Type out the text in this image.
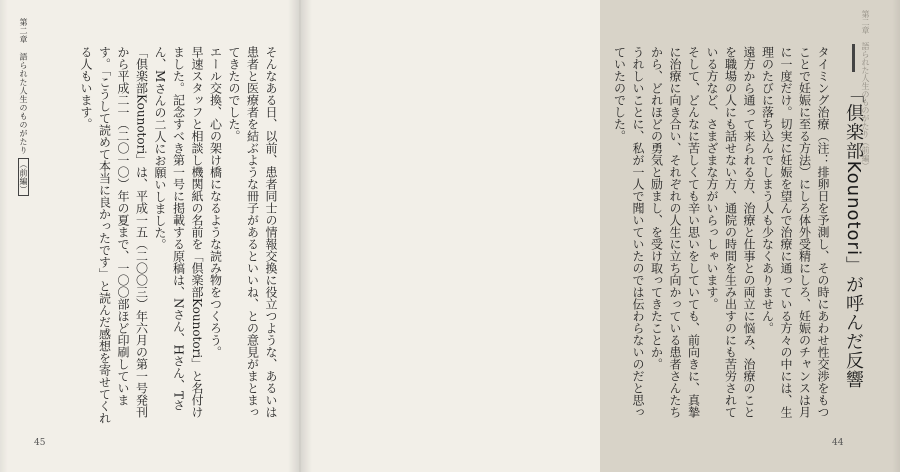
第二章 語られた人生のものがたり （前編）	そんなある日、以前、患者同士の情報交換に役立つような、あるいは患者と医療者を結ぶような冊子があるといいね、との意見がまとまってきたのでした。

エール交換、心の架け橋になるような読み物をつくろう。

早速スタッフと相談し機関紙の名前を「倶楽部Kounotori」と名付けました。記念すべき第一号に掲載する原稿は、Nさん、Hさん、Tさん、Mさんの二人にお願いしました。

「倶楽部Kounotori」は、平成一五（二〇〇三）年六月の第一号発刊から平成二一（二〇一〇）年の夏まで、一〇〇部ほど印刷しています。「こうして読めて本当に良かったです」と読んだ感想を寄せてくれる人もいます。

45
第二章　語られた人生のものがたり（前編）
「倶楽部Kounotori」が呼んだ反響

タイミング治療（注：排卵日を予測し、その時にあわせ性交渉をもつことで妊娠に至る方法）にしろ体外受精にしろ、妊娠のチャンスは月に一度だけ。切実に妊娠を望んで治療に通っている方々の中には、生理のたびに落ち込んでしまう人も少なくありません。

遠方から通って来られる方、治療と仕事との両立に悩み、治療のことを職場の人にも話せない方、通院の時間を生み出すのにも苦労されている方など、さまざまな方がいらっしゃいます。

そして、どんなに苦しくても辛い思いをしていても、前向きに、真摯に治療に向き合い、それぞれの人生に立ち向かっている患者さんたちから、どれほどの勇気と励まし、を受け取ってきたことか。

うれしいことに、私が一人で聞いていたのでは伝わらないのだと思っていたのでした。

44
